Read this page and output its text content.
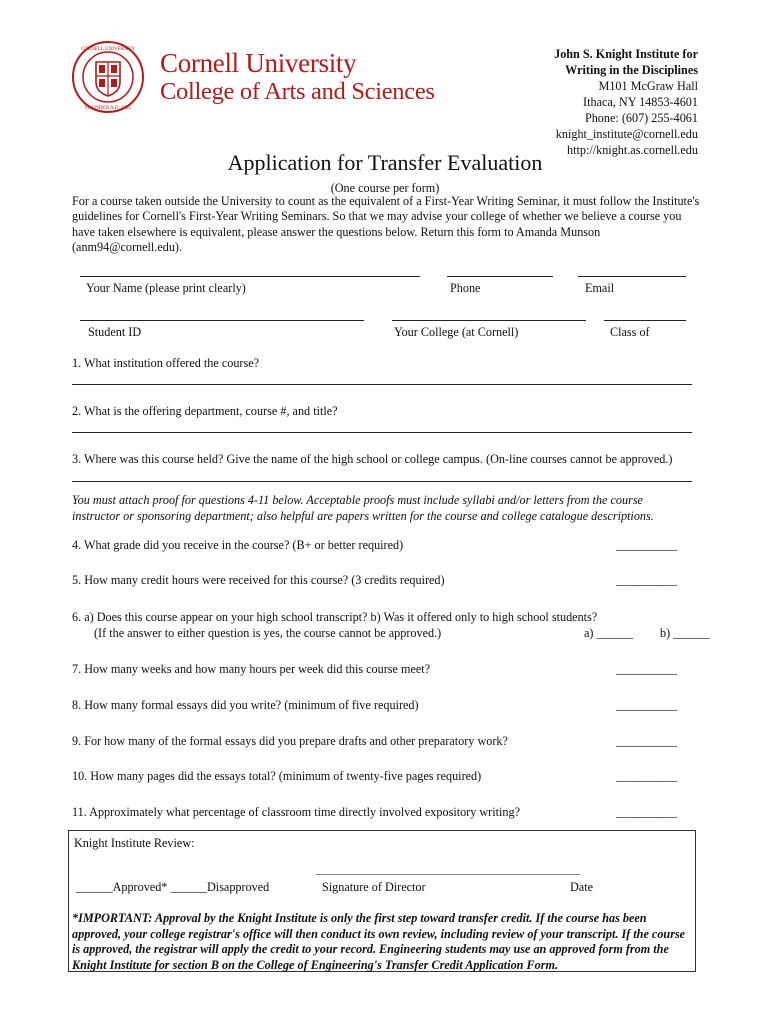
CORNELL UNIVERSITY
FOUNDED A.D. 1865
Cornell University
College of Arts and Sciences
John S. Knight Institute for
Writing in the Disciplines
M101 McGraw Hall
Ithaca, NY 14853-4601
Phone: (607) 255-4061
knight_institute@cornell.edu
http://knight.as.cornell.edu
Application for Transfer Evaluation
(One course per form)
For a course taken outside the University to count as the equivalent of a First-Year Writing Seminar, it must follow the Institute's guidelines for Cornell's First-Year Writing Seminars. So that we may advise your college of whether we believe a course you have taken elsewhere is equivalent, please answer the questions below. Return this form to Amanda Munson (anm94@cornell.edu).
Your Name (please print clearly)	Phone	Email
Student ID	Your College (at Cornell)	Class of
1. What institution offered the course?
2. What is the offering department, course #, and title?
3. Where was this course held? Give the name of the high school or college campus. (On-line courses cannot be approved.)
You must attach proof for questions 4-11 below. Acceptable proofs must include syllabi and/or letters from the course instructor or sponsoring department; also helpful are papers written for the course and college catalogue descriptions.
4. What grade did you receive in the course? (B+ or better required)	__________
5. How many credit hours were received for this course? (3 credits required)	__________
6. a) Does this course appear on your high school transcript? b) Was it offered only to high school students?
(If the answer to either question is yes, the course cannot be approved.)	a) ______ b) ______
7. How many weeks and how many hours per week did this course meet?	__________
8. How many formal essays did you write? (minimum of five required)	__________
9. For how many of the formal essays did you prepare drafts and other preparatory work?	__________
10. How many pages did the essays total? (minimum of twenty-five pages required)	__________
11. Approximately what percentage of classroom time directly involved expository writing?	__________
Knight Institute Review:
________________________________________________
______Approved* ______Disapproved	Signature of Director	Date
*IMPORTANT: Approval by the Knight Institute is only the first step toward transfer credit. If the course has been approved, your college registrar's office will then conduct its own review, including review of your transcript. If the course is approved, the registrar will apply the credit to your record. Engineering students may use an approved form from the Knight Institute for section B on the College of Engineering's Transfer Credit Application Form.
